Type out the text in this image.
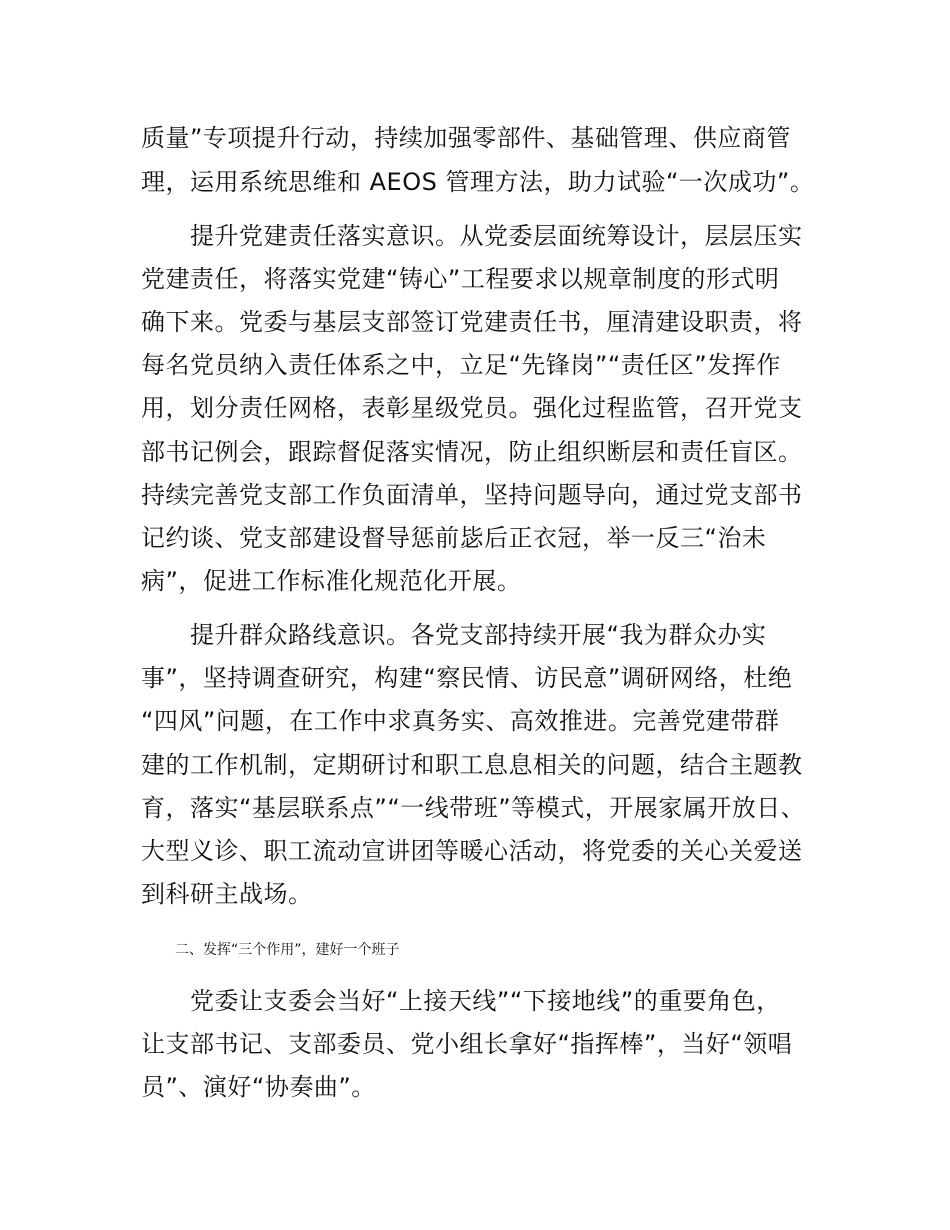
质量”专项提升行动，持续加强零部件、基础管理、供应商管
理，运用系统思维和 AEOS 管理方法，助力试验“一次成功”。
提升党建责任落实意识。从党委层面统筹设计，层层压实
党建责任，将落实党建“铸心”工程要求以规章制度的形式明
确下来。党委与基层支部签订党建责任书，厘清建设职责，将
每名党员纳入责任体系之中，立足“先锋岗”“责任区”发挥作
用，划分责任网格，表彰星级党员。强化过程监管，召开党支
部书记例会，跟踪督促落实情况，防止组织断层和责任盲区。
持续完善党支部工作负面清单，坚持问题导向，通过党支部书
记约谈、党支部建设督导惩前毖后正衣冠，举一反三“治未
病”，促进工作标准化规范化开展。
提升群众路线意识。各党支部持续开展“我为群众办实
事”，坚持调查研究，构建“察民情、访民意”调研网络，杜绝
“四风”问题，在工作中求真务实、高效推进。完善党建带群
建的工作机制，定期研讨和职工息息相关的问题，结合主题教
育，落实“基层联系点”“一线带班”等模式，开展家属开放日、
大型义诊、职工流动宣讲团等暖心活动，将党委的关心关爱送
到科研主战场。
二、发挥“三个作用”，建好一个班子
党委让支委会当好“上接天线”“下接地线”的重要角色，
让支部书记、支部委员、党小组长拿好“指挥棒”，当好“领唱
员”、演好“协奏曲”。
